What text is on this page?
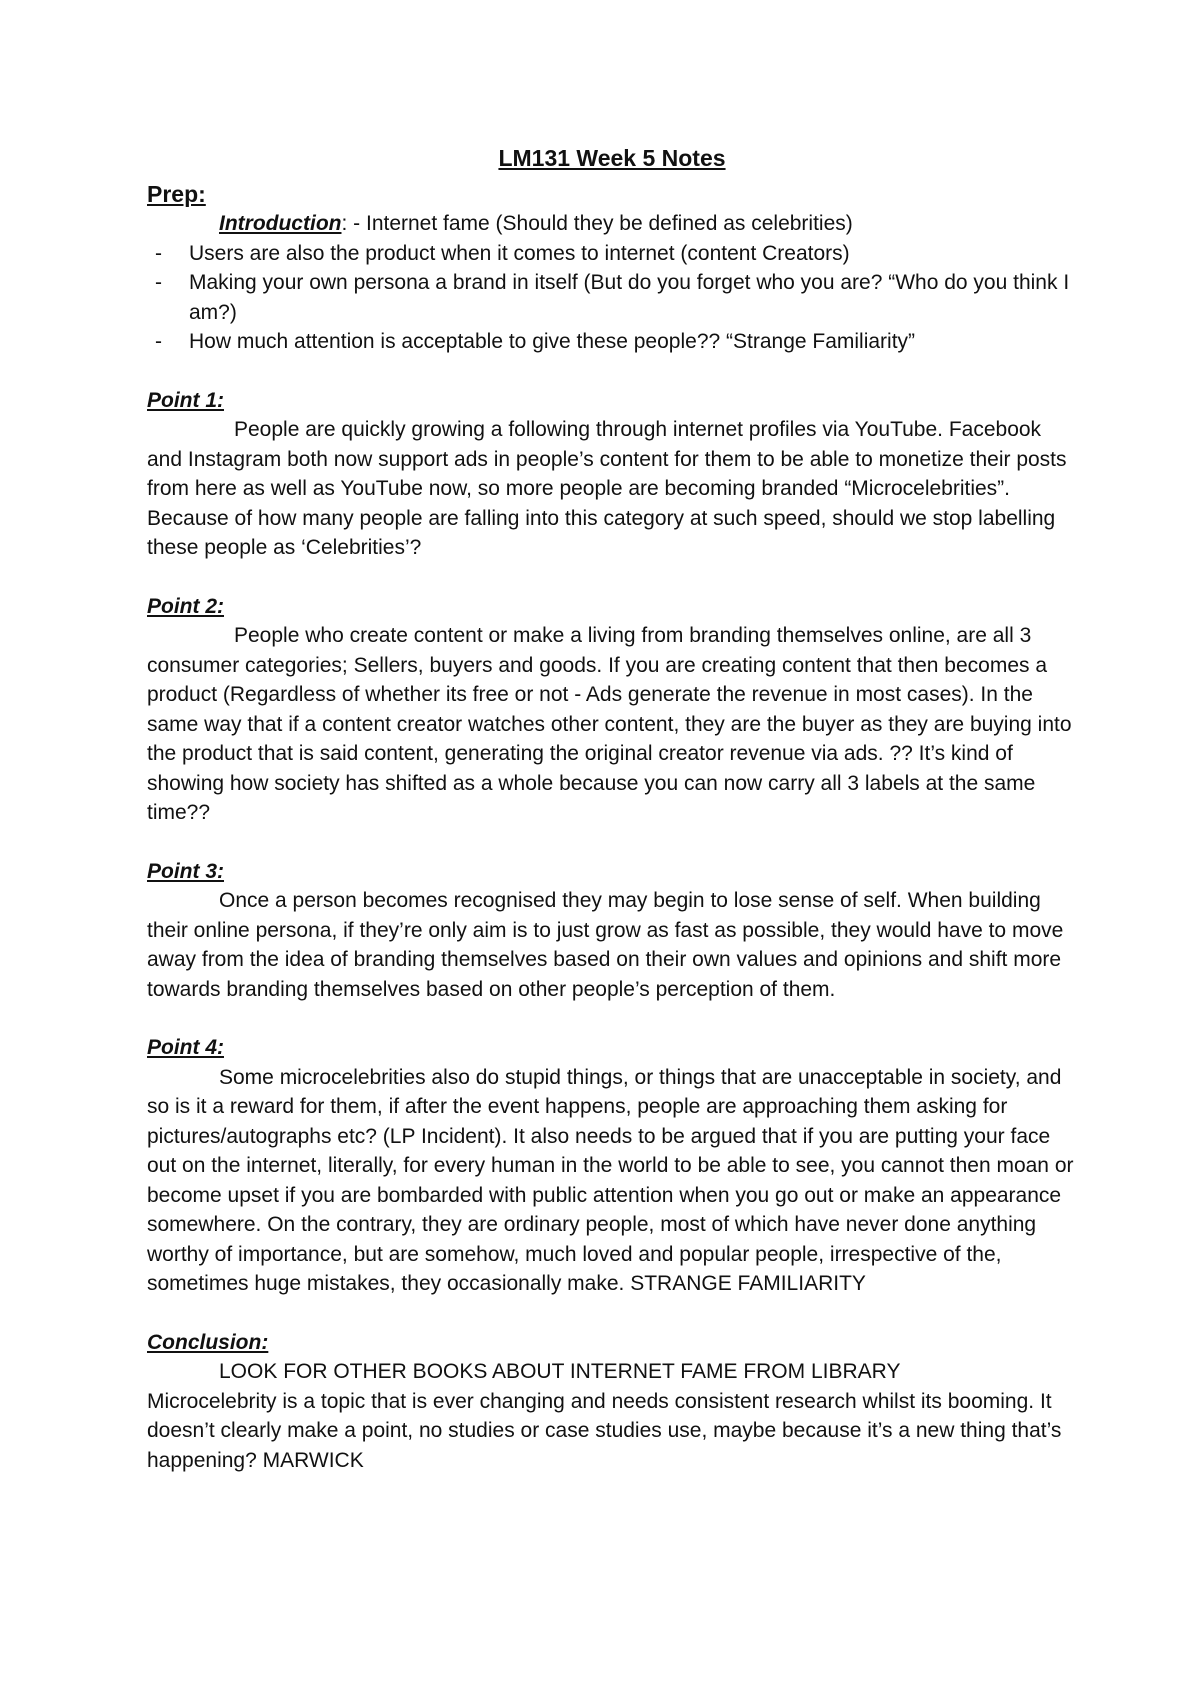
LM131 Week 5 Notes

Prep:

Introduction: - Internet fame (Should they be defined as celebrities)

- Users are also the product when it comes to internet (content Creators)
- Making your own persona a brand in itself (But do you forget who you are? “Who do you think I am?)
- How much attention is acceptable to give these people?? “Strange Familiarity”

Point 1:

People are quickly growing a following through internet profiles via YouTube. Facebook and Instagram both now support ads in people’s content for them to be able to monetize their posts from here as well as YouTube now, so more people are becoming branded “Microcelebrities”. Because of how many people are falling into this category at such speed, should we stop labelling these people as ‘Celebrities’?

Point 2:

People who create content or make a living from branding themselves online, are all 3 consumer categories; Sellers, buyers and goods. If you are creating content that then becomes a product (Regardless of whether its free or not - Ads generate the revenue in most cases). In the same way that if a content creator watches other content, they are the buyer as they are buying into the product that is said content, generating the original creator revenue via ads. ?? It’s kind of showing how society has shifted as a whole because you can now carry all 3 labels at the same time??

Point 3:

Once a person becomes recognised they may begin to lose sense of self. When building their online persona, if they’re only aim is to just grow as fast as possible, they would have to move away from the idea of branding themselves based on their own values and opinions and shift more towards branding themselves based on other people’s perception of them.

Point 4:

Some microcelebrities also do stupid things, or things that are unacceptable in society, and so is it a reward for them, if after the event happens, people are approaching them asking for pictures/autographs etc? (LP Incident). It also needs to be argued that if you are putting your face out on the internet, literally, for every human in the world to be able to see, you cannot then moan or become upset if you are bombarded with public attention when you go out or make an appearance somewhere. On the contrary, they are ordinary people, most of which have never done anything worthy of importance, but are somehow, much loved and popular people, irrespective of the, sometimes huge mistakes, they occasionally make. STRANGE FAMILIARITY

Conclusion:

LOOK FOR OTHER BOOKS ABOUT INTERNET FAME FROM LIBRARY

Microcelebrity is a topic that is ever changing and needs consistent research whilst its booming. It doesn’t clearly make a point, no studies or case studies use, maybe because it’s a new thing that’s happening? MARWICK
